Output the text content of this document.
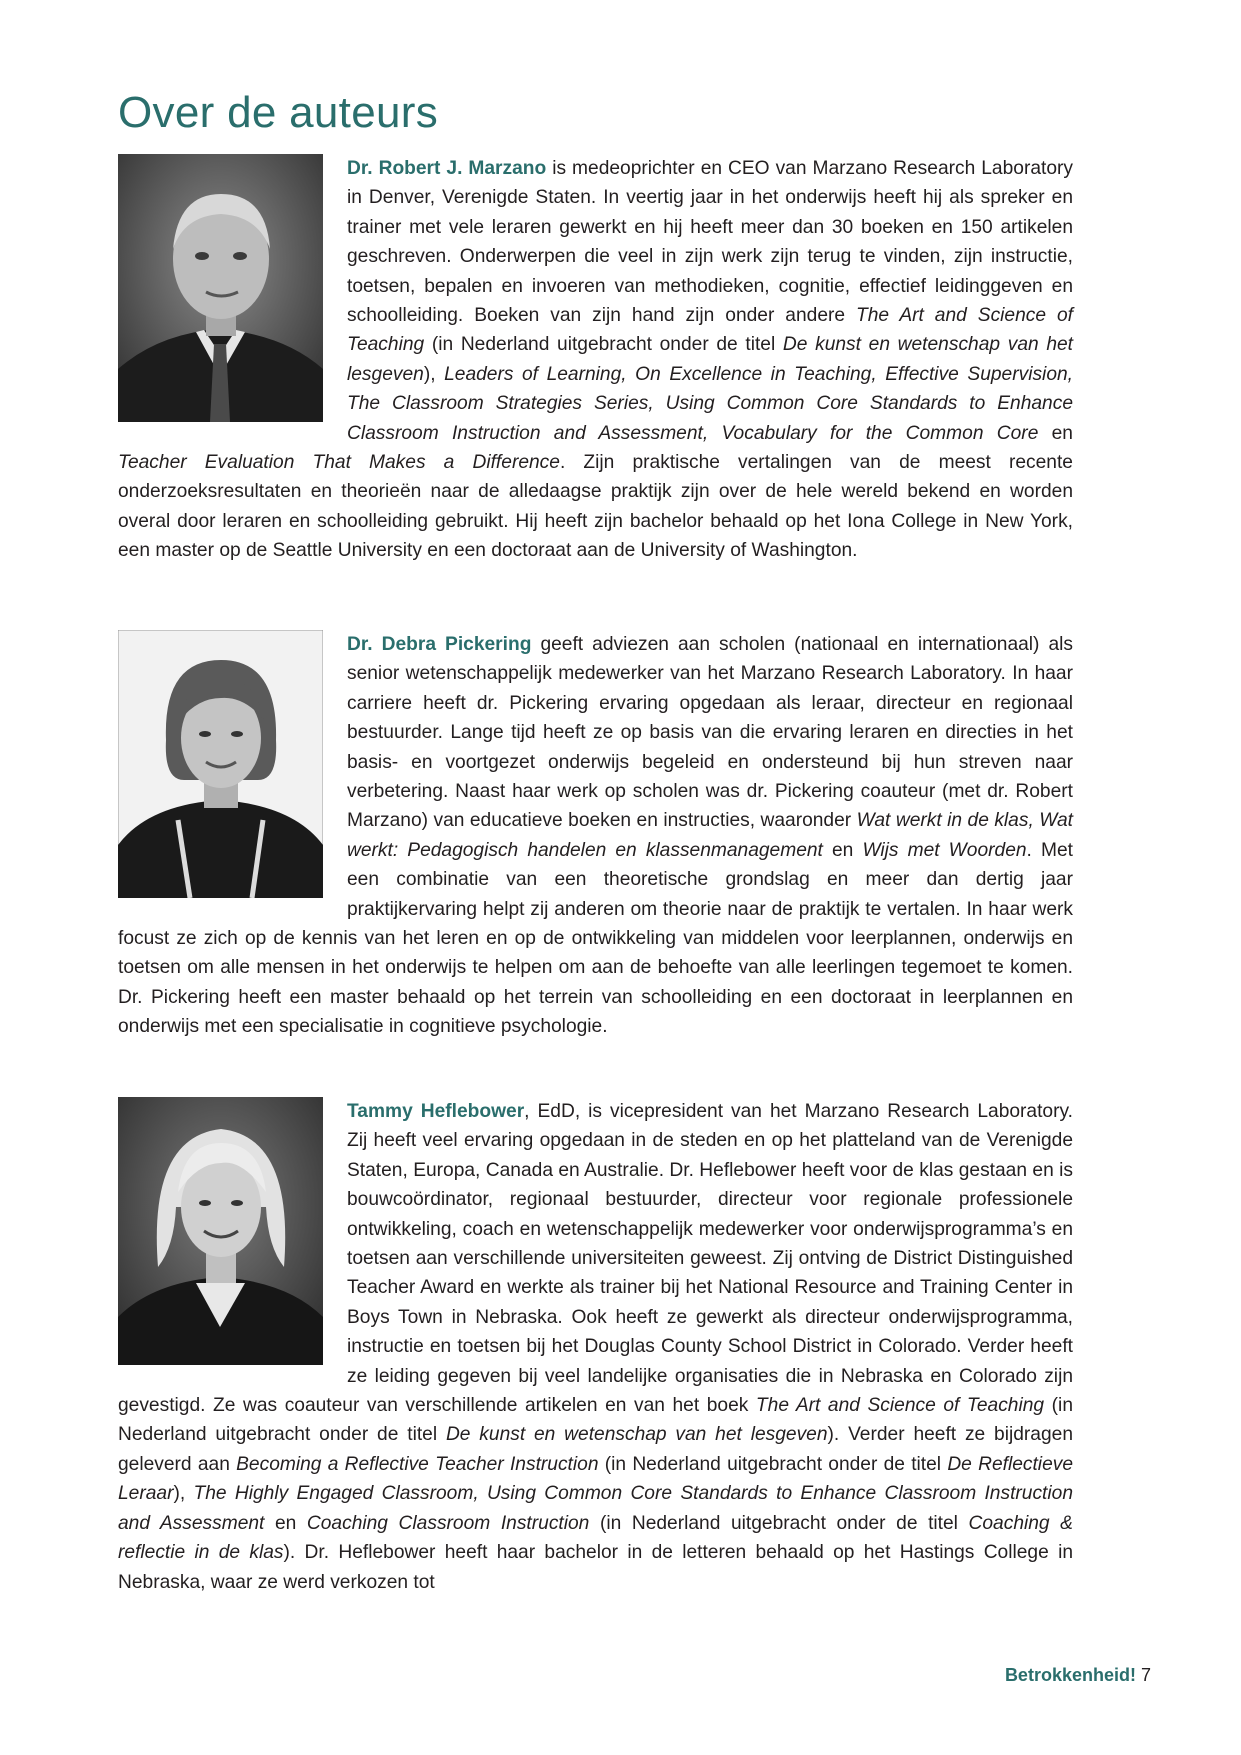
Over de auteurs
Dr. Robert J. Marzano is medeoprichter en CEO van Marzano Research Laboratory in Denver, Verenigde Staten. In veertig jaar in het onderwijs heeft hij als spreker en trainer met vele leraren gewerkt en hij heeft meer dan 30 boeken en 150 artikelen geschreven. Onderwerpen die veel in zijn werk zijn terug te vinden, zijn instructie, toetsen, bepalen en invoeren van methodieken, cognitie, effectief leidinggeven en schoolleiding. Boeken van zijn hand zijn onder andere The Art and Science of Teaching (in Nederland uitgebracht onder de titel De kunst en wetenschap van het lesgeven), Leaders of Learning, On Excellence in Teaching, Effective Supervision, The Classroom Strategies Series, Using Common Core Standards to Enhance Classroom Instruction and Assessment, Vocabulary for the Common Core en Teacher Evaluation That Makes a Difference. Zijn praktische vertalingen van de meest recente onderzoeksresultaten en theorieën naar de alledaagse praktijk zijn over de hele wereld bekend en worden overal door leraren en schoolleiding gebruikt. Hij heeft zijn bachelor behaald op het Iona College in New York, een master op de Seattle University en een doctoraat aan de University of Washington.
Dr. Debra Pickering geeft adviezen aan scholen (nationaal en internationaal) als senior wetenschappelijk medewerker van het Marzano Research Laboratory. In haar carriere heeft dr. Pickering ervaring opgedaan als leraar, directeur en regionaal bestuurder. Lange tijd heeft ze op basis van die ervaring leraren en directies in het basis- en voortgezet onderwijs begeleid en ondersteund bij hun streven naar verbetering. Naast haar werk op scholen was dr. Pickering coauteur (met dr. Robert Marzano) van educatieve boeken en instructies, waaronder Wat werkt in de klas, Wat werkt: Pedagogisch handelen en klassenmanagement en Wijs met Woorden. Met een combinatie van een theoretische grondslag en meer dan dertig jaar praktijkervaring helpt zij anderen om theorie naar de praktijk te vertalen. In haar werk focust ze zich op de kennis van het leren en op de ontwikkeling van middelen voor leerplannen, onderwijs en toetsen om alle mensen in het onderwijs te helpen om aan de behoefte van alle leerlingen tegemoet te komen. Dr. Pickering heeft een master behaald op het terrein van schoolleiding en een doctoraat in leerplannen en onderwijs met een specialisatie in cognitieve psychologie.
Tammy Heflebower, EdD, is vicepresident van het Marzano Research Laboratory. Zij heeft veel ervaring opgedaan in de steden en op het platteland van de Verenigde Staten, Europa, Canada en Australie. Dr. Heflebower heeft voor de klas gestaan en is bouwcoördinator, regionaal bestuurder, directeur voor regionale professionele ontwikkeling, coach en wetenschappelijk medewerker voor onderwijsprogramma’s en toetsen aan verschillende universiteiten geweest. Zij ontving de District Distinguished Teacher Award en werkte als trainer bij het National Resource and Training Center in Boys Town in Nebraska. Ook heeft ze gewerkt als directeur onderwijsprogramma, instructie en toetsen bij het Douglas County School District in Colorado. Verder heeft ze leiding gegeven bij veel landelijke organisaties die in Nebraska en Colorado zijn gevestigd. Ze was coauteur van verschillende artikelen en van het boek The Art and Science of Teaching (in Nederland uitgebracht onder de titel De kunst en wetenschap van het lesgeven). Verder heeft ze bijdragen geleverd aan Becoming a Reflective Teacher Instruction (in Nederland uitgebracht onder de titel De Reflectieve Leraar), The Highly Engaged Classroom, Using Common Core Standards to Enhance Classroom Instruction and Assessment en Coaching Classroom Instruction (in Nederland uitgebracht onder de titel Coaching & reflectie in de klas). Dr. Heflebower heeft haar bachelor in de letteren behaald op het Hastings College in Nebraska, waar ze werd verkozen tot
Betrokkenheid! 7
